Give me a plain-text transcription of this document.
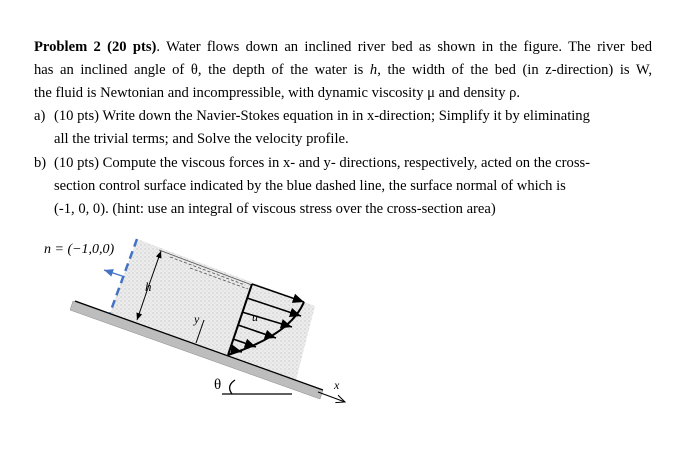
Problem 2 (20 pts). Water flows down an inclined river bed as shown in the figure. The river bed
has an inclined angle of θ, the depth of the water is h, the width of the bed (in z-direction) is W,
the fluid is Newtonian and incompressible, with dynamic viscosity μ and density ρ.
a) (10 pts) Write down the Navier-Stokes equation in in x-direction; Simplify it by eliminating
all the trivial terms; and Solve the velocity profile.
b) (10 pts) Compute the viscous forces in x- and y- directions, respectively, acted on the cross-
section control surface indicated by the blue dashed line, the surface normal of which is
(-1, 0, 0). (hint: use an integral of viscous stress over the cross-section area)
n = (−1,0,0)
h
y	u
θ	x
